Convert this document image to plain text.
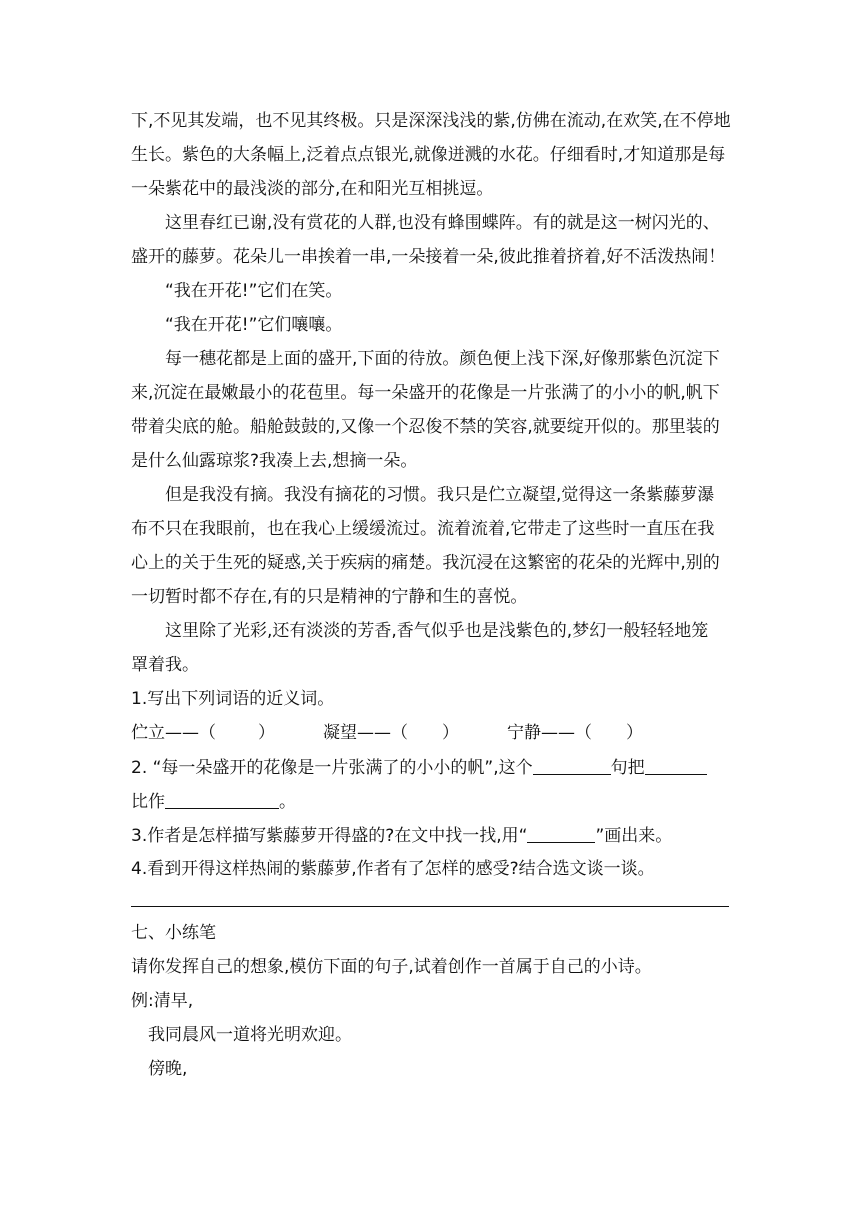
下,不见其发端，也不见其终极。只是深深浅浅的紫,仿佛在流动,在欢笑,在不停地

生长。紫色的大条幅上,泛着点点银光,就像迸溅的水花。仔细看时,才知道那是每

一朵紫花中的最浅淡的部分,在和阳光互相挑逗。

这里春红已谢,没有赏花的人群,也没有蜂围蝶阵。有的就是这一树闪光的、

盛开的藤萝。花朵儿一串挨着一串,一朵接着一朵,彼此推着挤着,好不活泼热闹！

“我在开花!”它们在笑。

“我在开花!”它们嚷嚷。

每一穗花都是上面的盛开,下面的待放。颜色便上浅下深,好像那紫色沉淀下

来,沉淀在最嫩最小的花苞里。每一朵盛开的花像是一片张满了的小小的帆,帆下

带着尖底的舱。船舱鼓鼓的,又像一个忍俊不禁的笑容,就要绽开似的。那里装的

是什么仙露琼浆?我凑上去,想摘一朵。

但是我没有摘。我没有摘花的习惯。我只是伫立凝望,觉得这一条紫藤萝瀑

布不只在我眼前，也在我心上缓缓流过。流着流着,它带走了这些时一直压在我

心上的关于生死的疑惑,关于疾病的痛楚。我沉浸在这繁密的花朵的光辉中,别的

一切暂时都不存在,有的只是精神的宁静和生的喜悦。

这里除了光彩,还有淡淡的芳香,香气似乎也是浅紫色的,梦幻一般轻轻地笼

罩着我。

1.写出下列词语的近义词。

伫立——（ ）	凝望——（ ）	宁静——（ ）

2. “每一朵盛开的花像是一片张满了的小小的帆”,这个	句把

比作	。

3.作者是怎样描写紫藤萝开得盛的?在文中找一找,用“	”画出来。

4.看到开得这样热闹的紫藤萝,作者有了怎样的感受?结合选文谈一谈。

七、小练笔

请你发挥自己的想象,模仿下面的句子,试着创作一首属于自己的小诗。

例:清早,

我同晨风一道将光明欢迎。

傍晚,
